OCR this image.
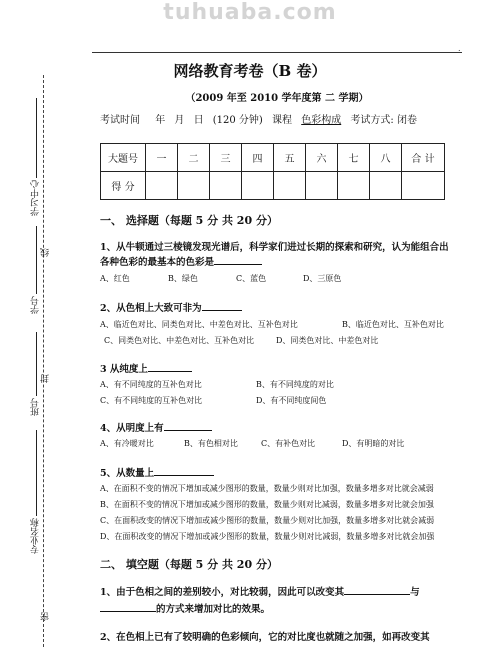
tuhuaba.com
学习中心
线
学号
封
班号
专业名称
密
.
网络教育考卷（B 卷）
（2009 年至 2010 学年度第 二 学期）
考试时间 年 月 日 (120 分钟) 课程 色彩构成 考试方式: 闭卷
大题号	一	二	三	四	五	六	七	八	合 计
得 分									
一、 选择题（每题 5 分 共 20 分）
1、从牛顿通过三棱镜发现光谱后，科学家们进过长期的探索和研究，认为能组合出各种色彩的最基本的色彩是
A、红色	B、绿色	C、蓝色	D、三原色
2、从色相上大致可非为
A、临近色对比、同类色对比、中差色对比、互补色对比	B、临近色对比、互补色对比
C、同类色对比、中差色对比、互补色对比	D、同类色对比、中差色对比
3 从纯度上
A、有不同纯度的互补色对比	B、有不同纯度的对比
C、有不同纯度的互补色对比	D、有不同纯度间色
4、从明度上有
A、有冷暖对比	B、有色相对比	C、有补色对比	D、有明暗的对比
5、从数量上
A、在面积不变的情况下增加或减少图形的数量，数量少则对比加强，数量多增多对比就会减弱
B、在面积不变的情况下增加或减少图形的数量，数量少则对比减弱，数量多增多对比就会加强
C、在面积改变的情况下增加或减少图形的数量，数量少则对比加强，数量多增多对比就会减弱
D、在面积改变的情况下增加或减少图形的数量，数量少则对比减弱，数量多增多对比就会加强
二、 填空题（每题 5 分 共 20 分）
1、由于色相之间的差别较小，对比较弱，因此可以改变其	与
的方式来增加对比的效果。
2、在色相上已有了较明确的色彩倾向，它的对比度也就随之加强，如再改变其
